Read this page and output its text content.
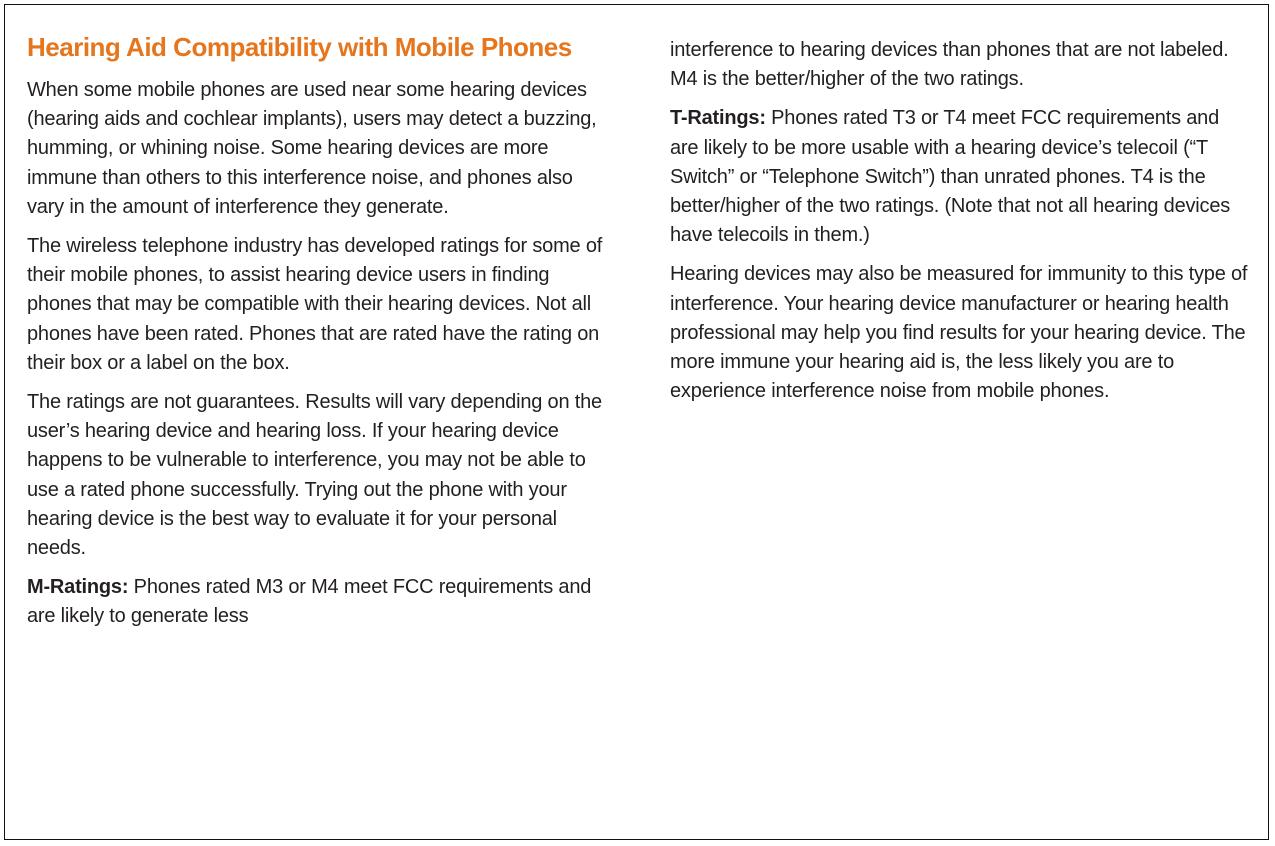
Hearing Aid Compatibility with Mobile Phones

When some mobile phones are used near some hearing devices (hearing aids and cochlear implants), users may detect a buzzing, humming, or whining noise. Some hearing devices are more immune than others to this interference noise, and phones also vary in the amount of interference they generate.

The wireless telephone industry has developed ratings for some of their mobile phones, to assist hearing device users in finding phones that may be compatible with their hearing devices. Not all phones have been rated. Phones that are rated have the rating on their box or a label on the box.

The ratings are not guarantees. Results will vary depending on the user’s hearing device and hearing loss. If your hearing device happens to be vulnerable to interference, you may not be able to use a rated phone successfully. Trying out the phone with your hearing device is the best way to evaluate it for your personal needs.

M-Ratings: Phones rated M3 or M4 meet FCC requirements and are likely to generate less

interference to hearing devices than phones that are not labeled. M4 is the better/higher of the two ratings.

T-Ratings: Phones rated T3 or T4 meet FCC requirements and are likely to be more usable with a hearing device’s telecoil (“T Switch” or “Telephone Switch”) than unrated phones. T4 is the better/higher of the two ratings. (Note that not all hearing devices have telecoils in them.)

Hearing devices may also be measured for immunity to this type of interference. Your hearing device manufacturer or hearing health professional may help you find results for your hearing device. The more immune your hearing aid is, the less likely you are to experience interference noise from mobile phones.
